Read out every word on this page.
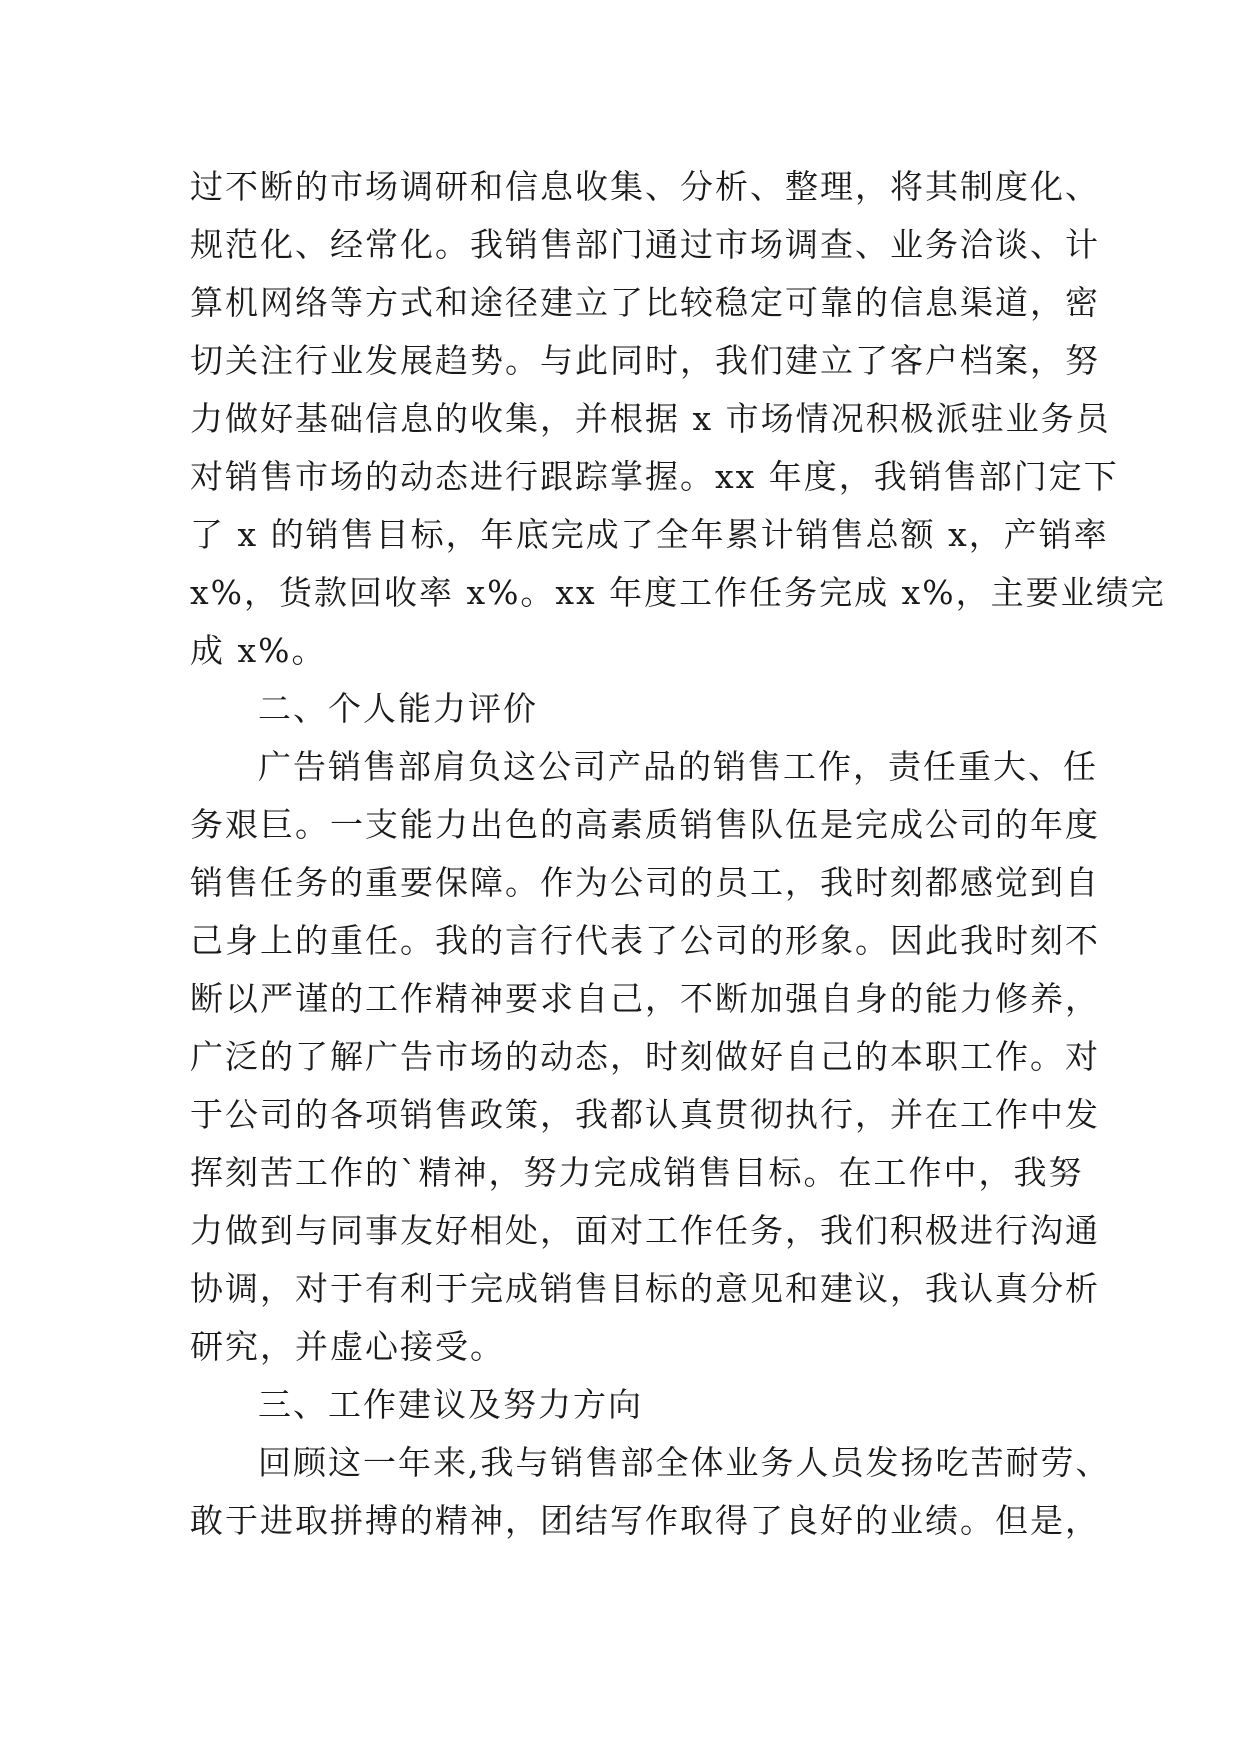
过不断的市场调研和信息收集、分析、整理，将其制度化、
规范化、经常化。我销售部门通过市场调查、业务洽谈、计
算机网络等方式和途径建立了比较稳定可靠的信息渠道，密
切关注行业发展趋势。与此同时，我们建立了客户档案，努
力做好基础信息的收集，并根据 x 市场情况积极派驻业务员
对销售市场的动态进行跟踪掌握。xx 年度，我销售部门定下
了 x 的销售目标，年底完成了全年累计销售总额 x，产销率
x%，货款回收率 x%。xx 年度工作任务完成 x%，主要业绩完
成 x%。
二、个人能力评价
广告销售部肩负这公司产品的销售工作，责任重大、任
务艰巨。一支能力出色的高素质销售队伍是完成公司的年度
销售任务的重要保障。作为公司的员工，我时刻都感觉到自
己身上的重任。我的言行代表了公司的形象。因此我时刻不
断以严谨的工作精神要求自己，不断加强自身的能力修养，
广泛的了解广告市场的动态，时刻做好自己的本职工作。对
于公司的各项销售政策，我都认真贯彻执行，并在工作中发
挥刻苦工作的`精神，努力完成销售目标。在工作中，我努
力做到与同事友好相处，面对工作任务，我们积极进行沟通
协调，对于有利于完成销售目标的意见和建议，我认真分析
研究，并虚心接受。
三、工作建议及努力方向
回顾这一年来,我与销售部全体业务人员发扬吃苦耐劳、
敢于进取拼搏的精神，团结写作取得了良好的业绩。但是，
